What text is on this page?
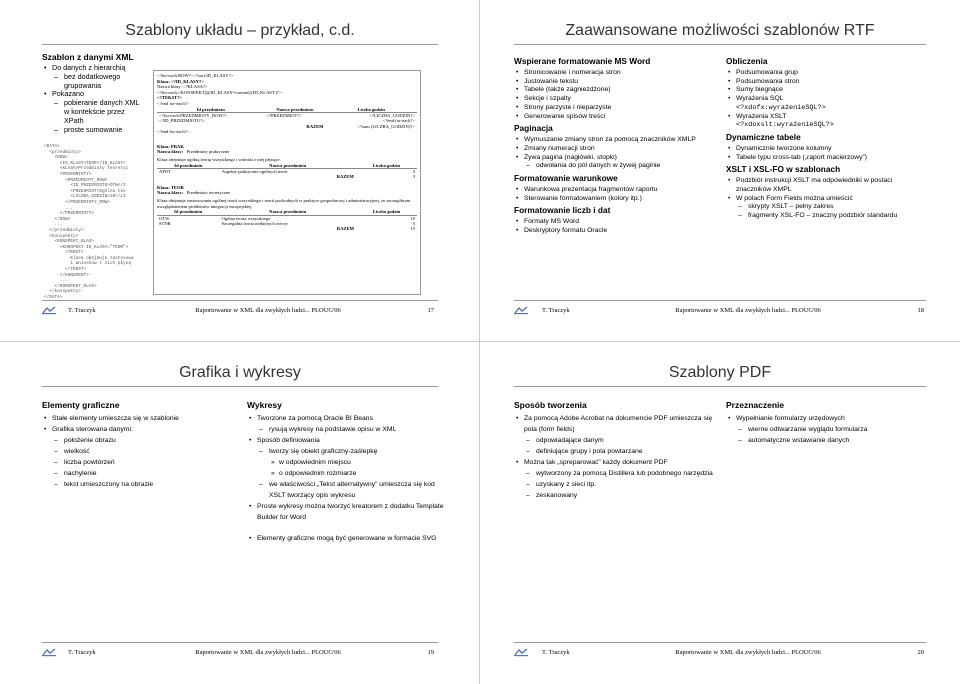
Szablony układu – przykład, c.d.
Szablon z danymi XML
• Do danych z hierarchią
– bez dodatkowego grupowania
• Pokazano
– pobieranie danych XML w kontekście przez XPath
– proste sumowanie
<DATA>
<przedmioty>
<ROW>
<ID_KLASY>TEOR</ID_KLASY>
<KLASA>Przedmioty teoretyc
<PRZEDMIOTY>
<PRZEDMIOTY_ROW>
<ID_PRZEDMIOTU>OTW</I
<PRZEDMIOT>Ogólna teo
<LICZBA_GODZIN>10</LI
</PRZEDMIOTY_ROW>
...
</PRZEDMIOTY>
</ROW>
...
</przedmioty>
<konspekty>
<KONSPEKT_KLAS>
<KONSPEKT ID_KLASY="TEOR">
<TEKST>
Klasa obejmuje zastosowa
i wniosków z nich płyną
</TEKST>
</KONSPEKT>
...
</KONSPEKT_KLAS>
</konspekty>
</DATA>
<?for-each:ROW?><?sort:ID_KLASY?>
Klasa: <?ID_KLASY?>
Nazwa klasy: <?KLASA?>
<?for-each://KONSPEKT[@ID_KLASY=current()/ID_KLASY]?>
<?TEKST?>
<?end for-each?>
Id przedmiotu	Nazwa przedmiotu	Liczba godzin
<?for-each:PRZEDMIOTY_ROW?>	<?PRZEDMIOT?>	<?LICZBA_GODZIN?>
<?ID_PRZEDMIOTU?>		<?end for-each?>
	RAZEM	<?sum (LICZBA_GODZIN)?>
<?end for-each?>
Klasa: PRAK
Nazwa klasy: Przedmioty praktyczne
Klasa obejmuje ogólną teorię wszystkiego i wnioski z niej płynące.
Id przedmiotu	Nazwa przedmiotu	Liczba godzin
APOT	Aspekty praktyczne ogólnych teorii	3
	RAZEM	3
Klasa: TEOR
Nazwa klasy: Przedmioty teoretyczne
Klasa obejmuje zastosowania ogólnej teorii wszystkiego i teorii pochodnych w praktyce gospodarczej i administracyjnej, ze szczególnym uwzględnieniem problemów integracji europejskiej.
Id przedmiotu	Nazwa przedmiotu	Liczba godzin
OTW	Ogólna teoria wszystkiego	10
STNR	Szczególna teoria niektórych rzeczy	5
	RAZEM	15
T. Traczyk	Raportowanie w XML dla zwykłych ludzi... PLOUG'06	17
Zaawansowane możliwości szablonów RTF
Wspierane formatowanie MS Word
• Stronicowanie i numeracja stron
• Justowanie tekstu
• Tabele (także zagnieżdżone)
• Sekcje i szpalty
• Strony parzyste i nieparzyste
• Generowanie spisów treści
Paginacja
• Wymuszanie zmiany stron za pomocą znaczników XMLP
• Zmiany numeracji stron
• Żywa pagina (nagłówki, stopki)
– odwołania do pól danych w żywej paginie
Formatowanie warunkowe
• Warunkowa prezentacja fragmentów raportu
• Sterowanie formatowaniem (kolory itp.)
Formatowanie liczb i dat
• Formaty MS Word
• Deskryptory formatu Oracle
Obliczenia
• Podsumowania grup
• Podsumowania stron
• Sumy biegnące
• Wyrażenia SQL
<?xdofx:wyrażenieSQL?>
• Wyrażenia XSLT
<?xdoxslt:wyrażenieSQL?>
Dynamiczne tabele
• Dynamicznie tworzone kolumny
• Tabele typu cross-tab („raport macierzowy”)
XSLT i XSL-FO w szablonach
• Podzbiór instrukcji XSLT ma odpowiedniki w postaci znaczników XMPL
• W polach Form Fields można umieścić
– skrypty XSLT – pełny zakres
– fragmenty XSL-FO – znaczny podzbiór standardu
T. Traczyk	Raportowanie w XML dla zwykłych ludzi... PLOUG'06	18
Grafika i wykresy
Elementy graficzne
• Stałe elementy umieszcza się w szablonie
• Grafika sterowana danymi:
– położenie obrazu
– wielkość
– liczba powtórzeń
– nachylenie
– tekst umieszczony na obrazie
Wykresy
• Tworzone za pomocą Oracle BI Beans
– rysują wykresy na podstawie opisu w XML
• Sposób definiowania
– tworzy się obiekt graficzny-zaślepkę
» w odpowiednim miejscu
» o odpowiednim rozmiarze
– we właściwości „Tekst alternatywny” umieszcza się kod XSLT tworzący opis wykresu
• Proste wykresy można tworzyć kreatorem z dodatku Template Builder for Word
• Elementy graficzne mogą być generowane w formacie SVG
T. Traczyk	Raportowanie w XML dla zwykłych ludzi... PLOUG'06	19
Szablony PDF
Sposób tworzenia
• Za pomocą Adobe Acrobat na dokumencie PDF umieszcza się pola (form fields)
– odpowiadające danym
– definiujące grupy i pola powtarzane
• Można tak „sprepar​ować” każdy dokument PDF
– wytworzony za pomocą Distillera lub podobnego narzędzia
– uzyskany z sieci itp.
– zeskanowany
Przeznaczenie
• Wypełnianie formularzy urzędowych
– wierne odtwarzanie wyglądu formularza
– automatyczne wstawianie danych
T. Traczyk	Raportowanie w XML dla zwykłych ludzi... PLOUG'06	20
